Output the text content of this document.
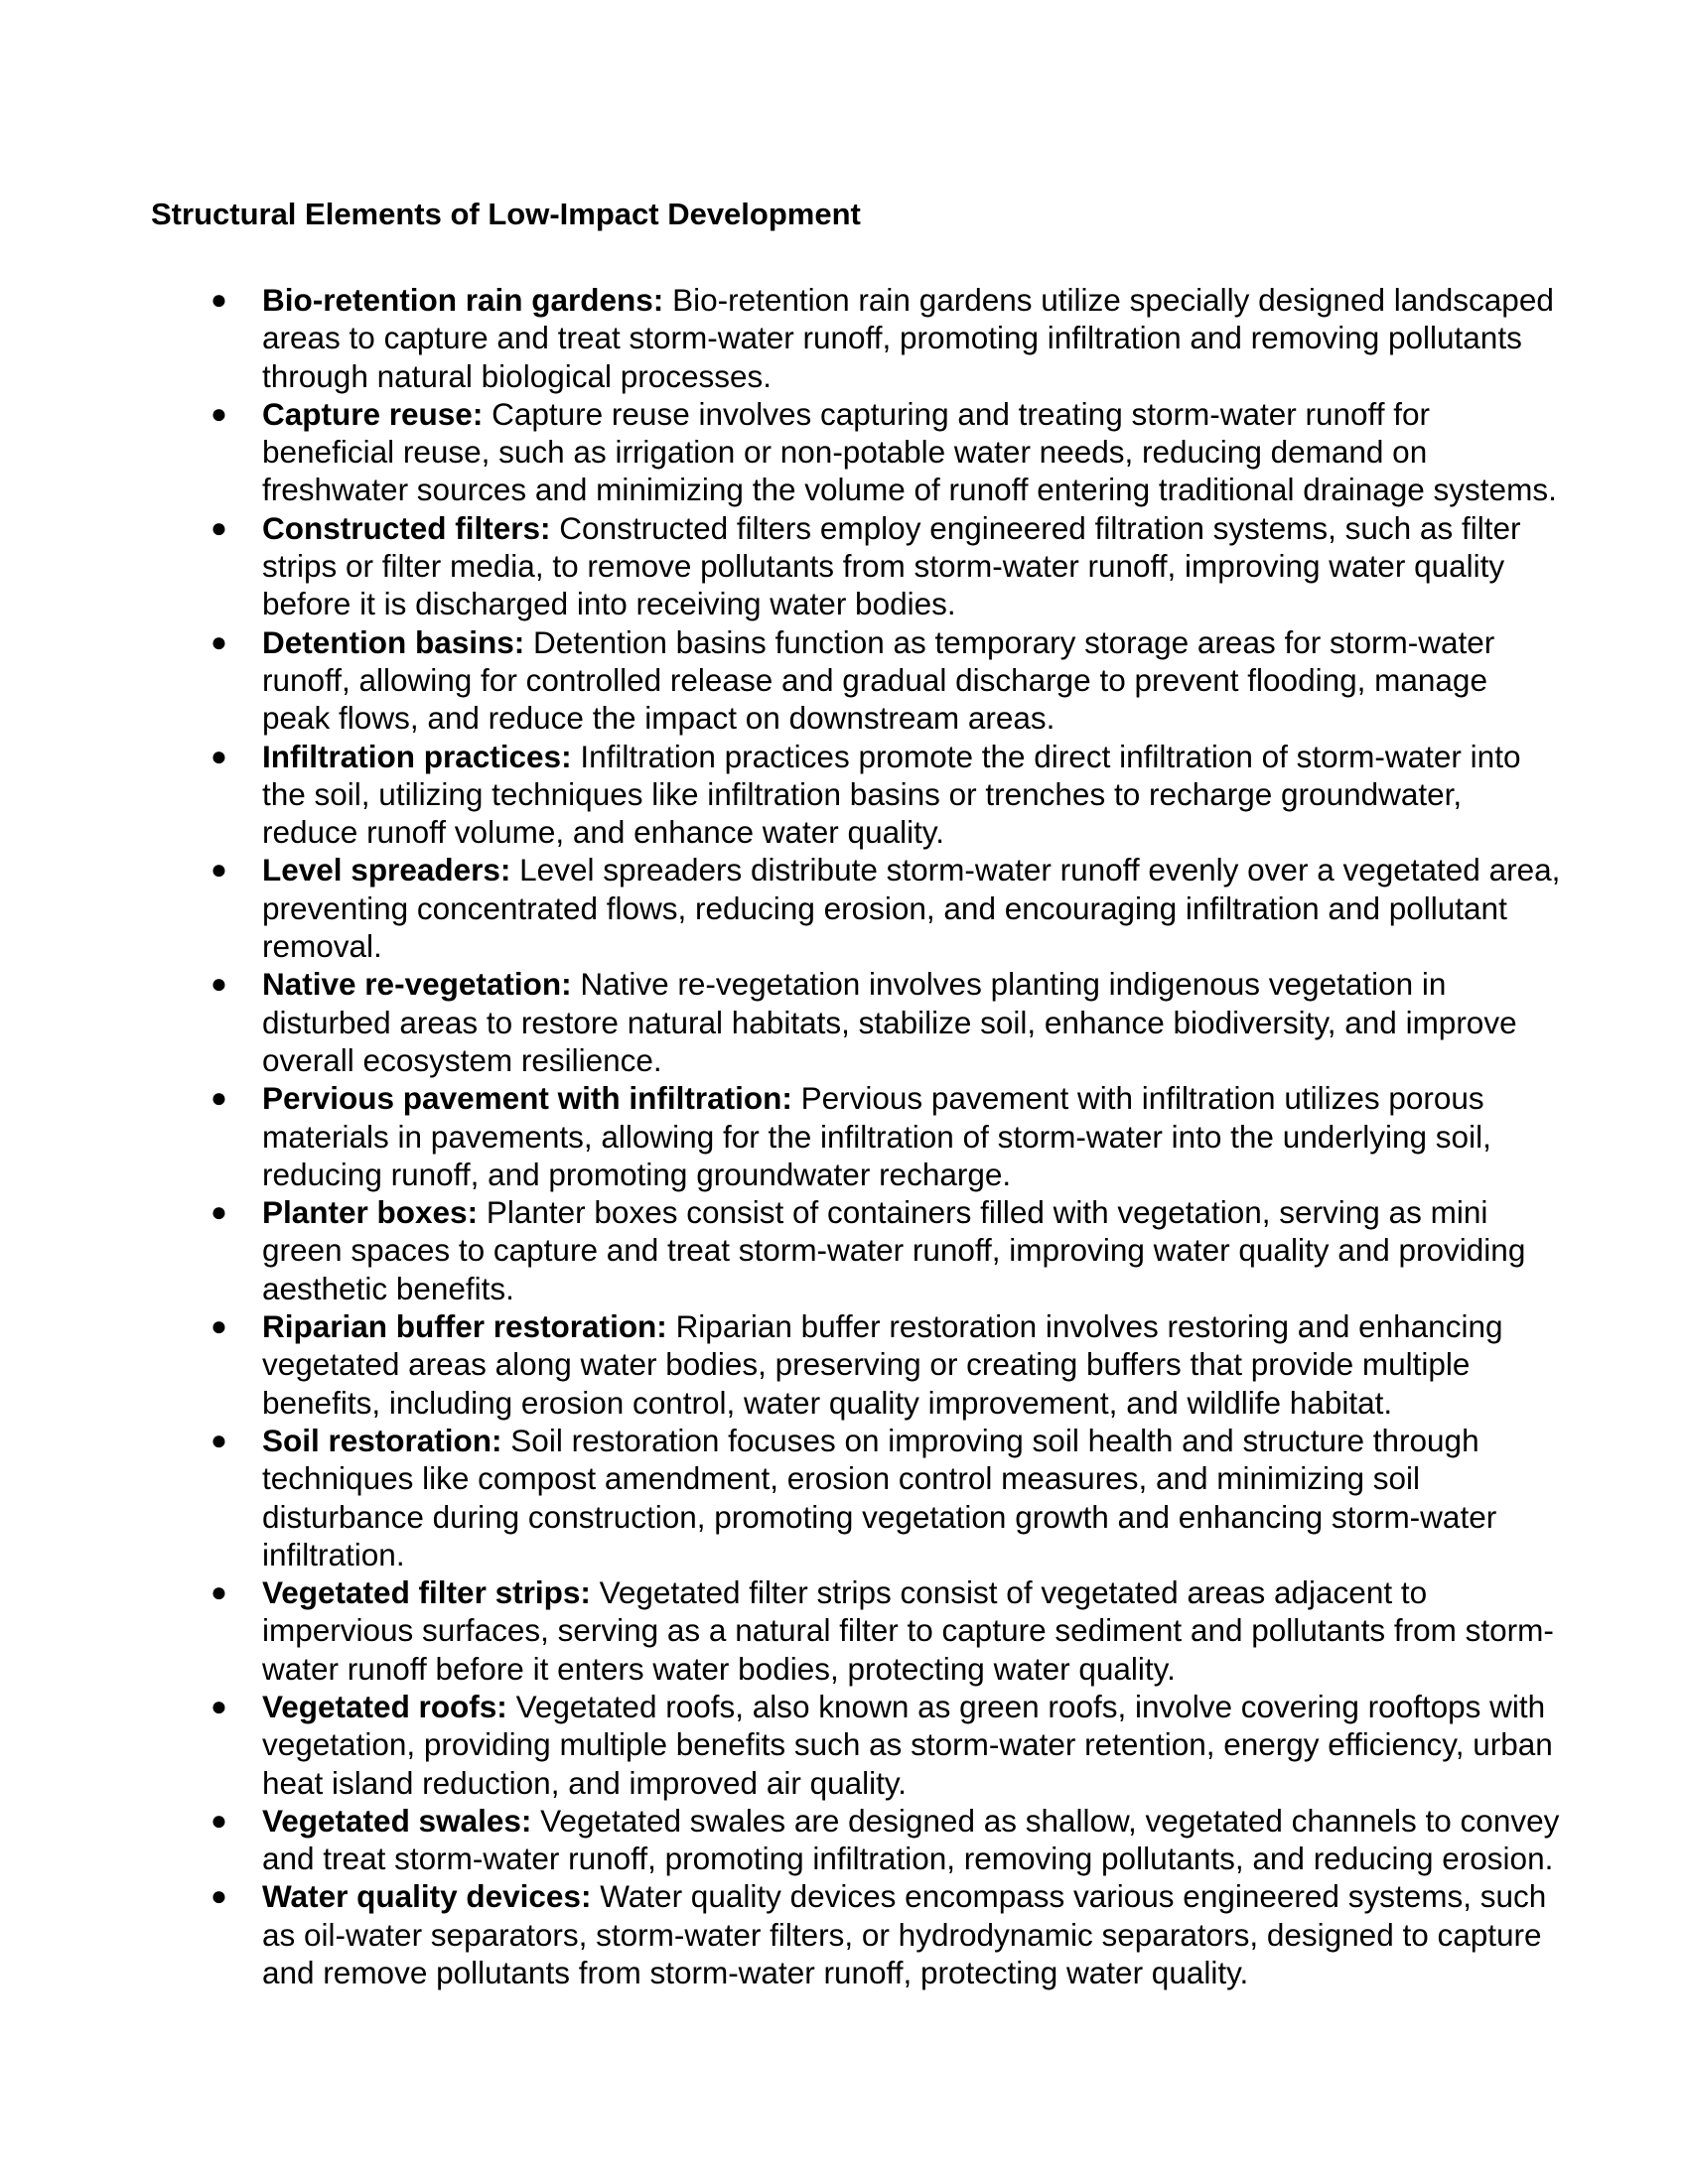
Structural Elements of Low-Impact Development
● Bio-retention rain gardens: Bio-retention rain gardens utilize specially designed landscaped areas to capture and treat storm-water runoff, promoting infiltration and removing pollutants through natural biological processes.
● Capture reuse: Capture reuse involves capturing and treating storm-water runoff for beneficial reuse, such as irrigation or non-potable water needs, reducing demand on freshwater sources and minimizing the volume of runoff entering traditional drainage systems.
● Constructed filters: Constructed filters employ engineered filtration systems, such as filter strips or filter media, to remove pollutants from storm-water runoff, improving water quality before it is discharged into receiving water bodies.
● Detention basins: Detention basins function as temporary storage areas for storm-water runoff, allowing for controlled release and gradual discharge to prevent flooding, manage peak flows, and reduce the impact on downstream areas.
● Infiltration practices: Infiltration practices promote the direct infiltration of storm-water into the soil, utilizing techniques like infiltration basins or trenches to recharge groundwater, reduce runoff volume, and enhance water quality.
● Level spreaders: Level spreaders distribute storm-water runoff evenly over a vegetated area, preventing concentrated flows, reducing erosion, and encouraging infiltration and pollutant removal.
● Native re-vegetation: Native re-vegetation involves planting indigenous vegetation in disturbed areas to restore natural habitats, stabilize soil, enhance biodiversity, and improve overall ecosystem resilience.
● Pervious pavement with infiltration: Pervious pavement with infiltration utilizes porous materials in pavements, allowing for the infiltration of storm-water into the underlying soil, reducing runoff, and promoting groundwater recharge.
● Planter boxes: Planter boxes consist of containers filled with vegetation, serving as mini green spaces to capture and treat storm-water runoff, improving water quality and providing aesthetic benefits.
● Riparian buffer restoration: Riparian buffer restoration involves restoring and enhancing vegetated areas along water bodies, preserving or creating buffers that provide multiple benefits, including erosion control, water quality improvement, and wildlife habitat.
● Soil restoration: Soil restoration focuses on improving soil health and structure through techniques like compost amendment, erosion control measures, and minimizing soil disturbance during construction, promoting vegetation growth and enhancing storm-water infiltration.
● Vegetated filter strips: Vegetated filter strips consist of vegetated areas adjacent to impervious surfaces, serving as a natural filter to capture sediment and pollutants from storm-water runoff before it enters water bodies, protecting water quality.
● Vegetated roofs: Vegetated roofs, also known as green roofs, involve covering rooftops with vegetation, providing multiple benefits such as storm-water retention, energy efficiency, urban heat island reduction, and improved air quality.
● Vegetated swales: Vegetated swales are designed as shallow, vegetated channels to convey and treat storm-water runoff, promoting infiltration, removing pollutants, and reducing erosion.
● Water quality devices: Water quality devices encompass various engineered systems, such as oil-water separators, storm-water filters, or hydrodynamic separators, designed to capture and remove pollutants from storm-water runoff, protecting water quality.
